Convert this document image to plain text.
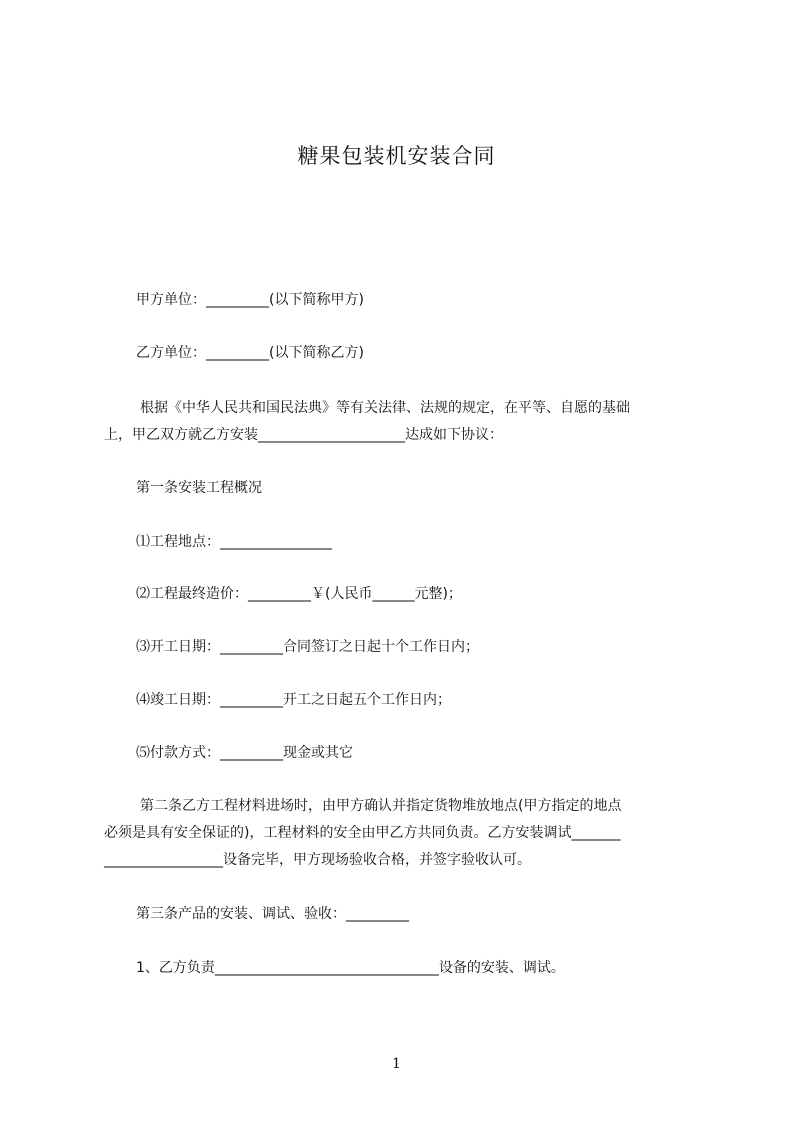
糖果包装机安装合同
甲方单位：_________(以下简称甲方)
乙方单位：_________(以下简称乙方)
根据《中华人民共和国民法典》等有关法律、法规的规定，在平等、自愿的基础
上，甲乙双方就乙方安装_____________________达成如下协议：
第一条安装工程概况
⑴工程地点：________________
⑵工程最终造价：_________￥(人民币______元整)；
⑶开工日期：_________合同签订之日起十个工作日内；
⑷竣工日期：_________开工之日起五个工作日内；
⑸付款方式：_________现金或其它
第二条乙方工程材料进场时，由甲方确认并指定货物堆放地点(甲方指定的地点
必须是具有安全保证的)，工程材料的安全由甲乙方共同负责。乙方安装调试_______
_________________设备完毕，甲方现场验收合格，并签字验收认可。
第三条产品的安装、调试、验收：_________
1、乙方负责________________________________设备的安装、调试。
1
